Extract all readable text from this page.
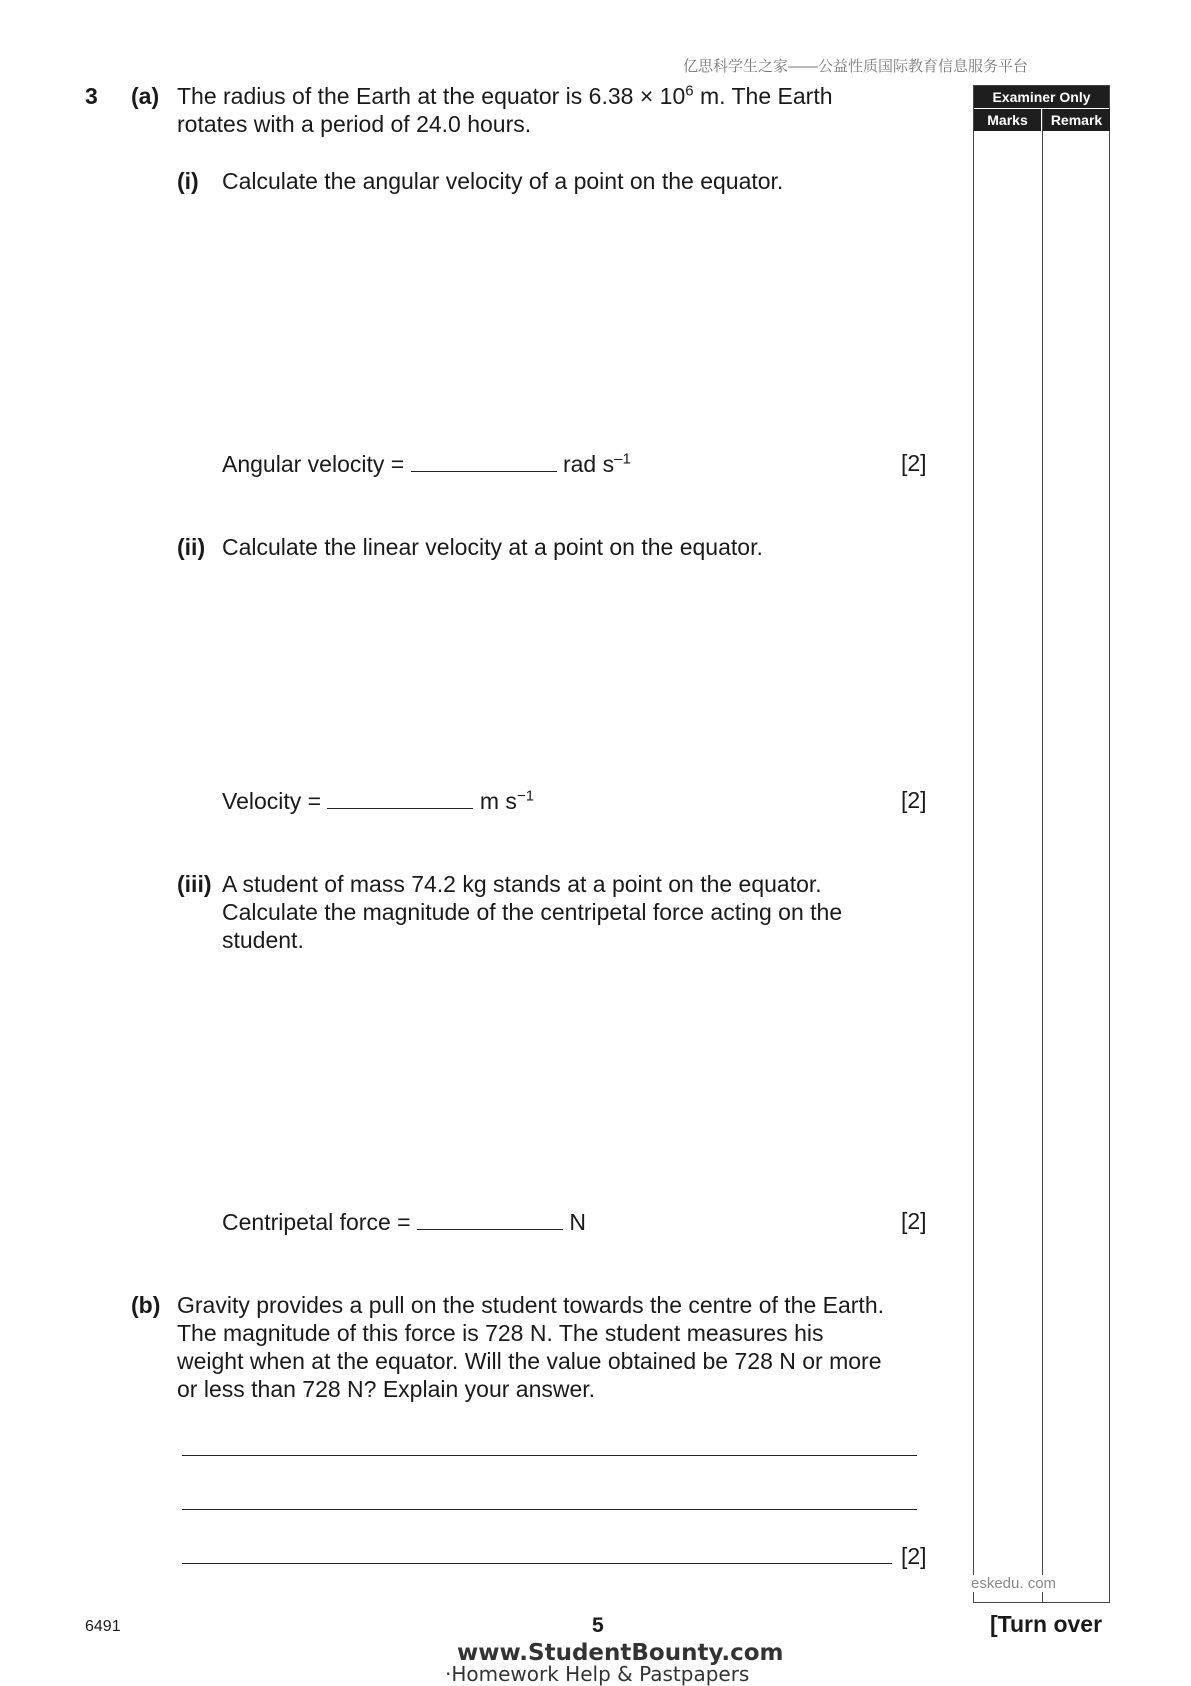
亿思科学生之家——公益性质国际教育信息服务平台
3 (a) The radius of the Earth at the equator is $6.38 \times 10^6$ m. The Earth
rotates with a period of 24.0 hours.
(i) Calculate the angular velocity of a point on the equator.
Angular velocity =	rad $s^{-1}$	[2]
(ii) Calculate the linear velocity at a point on the equator.
Velocity =	m $s^{-1}$	[2]
(iii) A student of mass 74.2 kg stands at a point on the equator.
Calculate the magnitude of the centripetal force acting on the
student.
Centripetal force =	N	[2]
(b) Gravity provides a pull on the student towards the centre of the Earth.
The magnitude of this force is 728 N. The student measures his
weight when at the equator. Will the value obtained be 728 N or more
or less than 728 N? Explain your answer.
[2]
Examiner Only
Marks	Remark
eskedu. com
6491	5	[Turn over
www.StudentBounty.com
·Homework Help & Pastpapers
